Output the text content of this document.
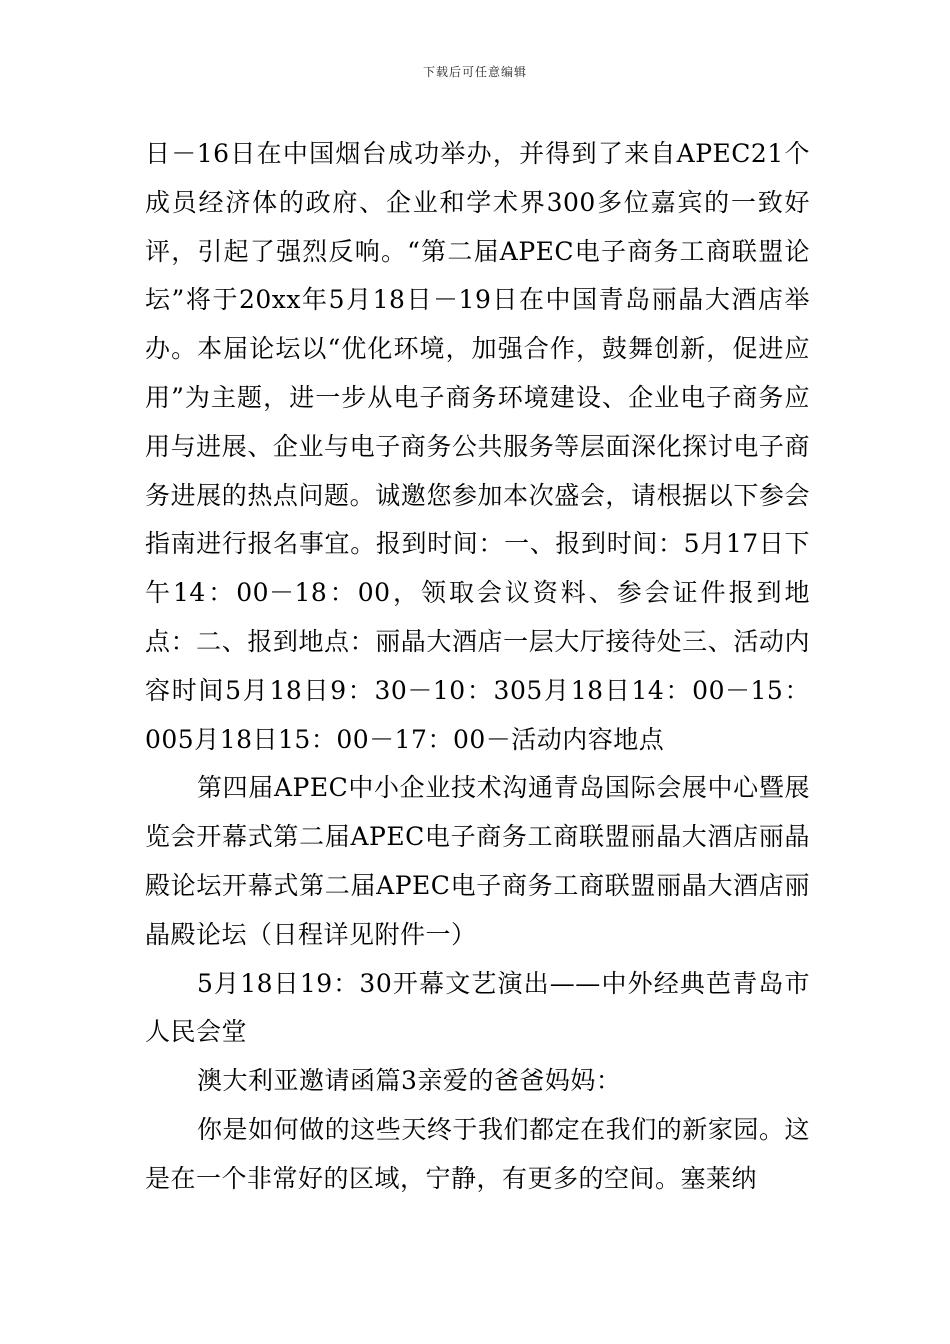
下载后可任意编辑

日－16日在中国烟台成功举办，并得到了来自APEC21个成员经济体的政府、企业和学术界300多位嘉宾的一致好评，引起了强烈反响。“第二届APEC电子商务工商联盟论坛”将于20xx年5月18日－19日在中国青岛丽晶大酒店举办。本届论坛以“优化环境，加强合作，鼓舞创新，促进应用”为主题，进一步从电子商务环境建设、企业电子商务应用与进展、企业与电子商务公共服务等层面深化探讨电子商务进展的热点问题。诚邀您参加本次盛会，请根据以下参会指南进行报名事宜。报到时间：一、报到时间：5月17日下午14：00－18：00，领取会议资料、参会证件报到地点：二、报到地点：丽晶大酒店一层大厅接待处三、活动内容时间5月18日9：30－10：305月18日14：00－15：005月18日15：00－17：00－活动内容地点

第四届APEC中小企业技术沟通青岛国际会展中心暨展览会开幕式第二届APEC电子商务工商联盟丽晶大酒店丽晶殿论坛开幕式第二届APEC电子商务工商联盟丽晶大酒店丽晶殿论坛（日程详见附件一）

5月18日19：30开幕文艺演出——中外经典芭青岛市人民会堂

澳大利亚邀请函篇3亲爱的爸爸妈妈：

你是如何做的这些天终于我们都定在我们的新家园。这是在一个非常好的区域，宁静，有更多的空间。塞莱纳
